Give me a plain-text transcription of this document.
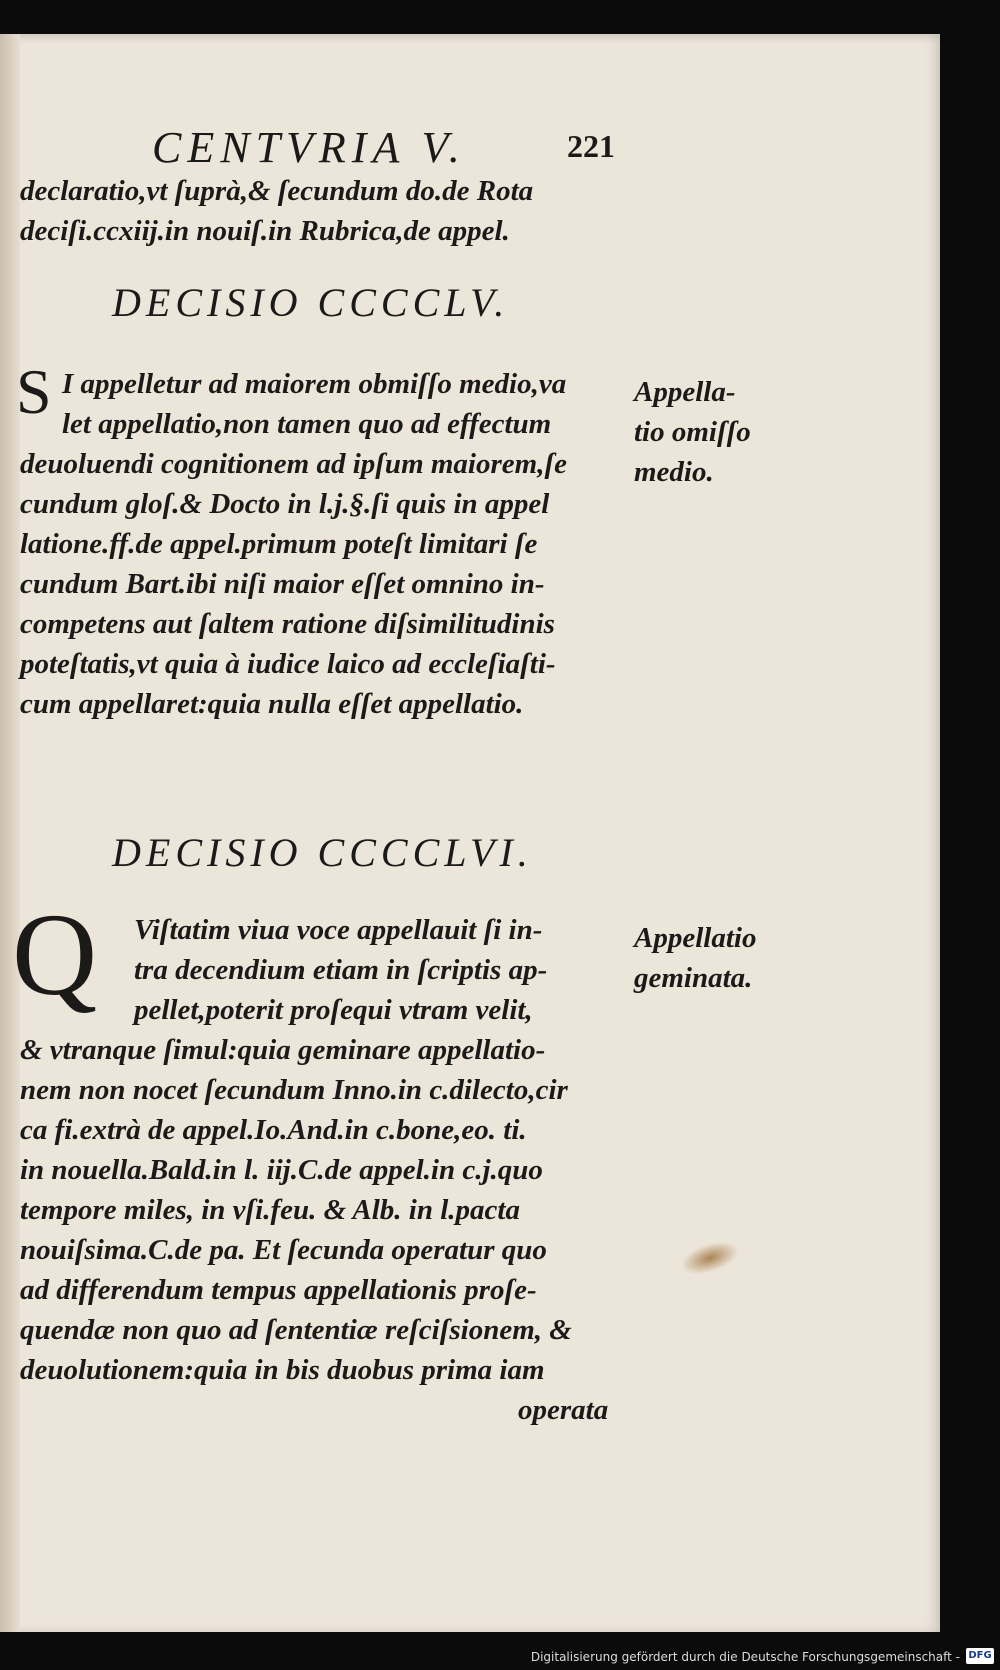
CENTVRIA V.	221
declaratio,vt ſuprà,& ſecundum do.de Rota
deciſi.ccxiij.in nouiſ.in Rubrica,de appel.
DECISIO CCCCLV.
S I appelletur ad maiorem obmiſſo medio,va
let appellatio,non tamen quo ad effectum
deuoluendi cognitionem ad ipſum maiorem,ſe
cundum gloſ.& Docto in l.j.§.ſi quis in appel
latione.ff.de appel.primum poteſt limitari ſe
cundum Bart.ibi niſi maior eſſet omnino in-
competens aut ſaltem ratione diſsimilitudinis
poteſtatis,vt quia à iudice laico ad eccleſiaſti-
cum appellaret:quia nulla eſſet appellatio.
Appella-
tio omiſſo
medio.
DECISIO CCCCLVI.
Q Viſtatim viua voce appellauit ſi in-
tra decendium etiam in ſcriptis ap-
pellet,poterit proſequi vtram velit,
& vtranque ſimul:quia geminare appellatio-
nem non nocet ſecundum Inno.in c.dilecto,cir
ca fi.extrà de appel.Io.And.in c.bone,eo. ti.
in nouella.Bald.in l. iij.C.de appel.in c.j.quo
tempore miles, in vſi.feu. & Alb. in l.pacta
nouiſsima.C.de pa. Et ſecunda operatur quo
ad differendum tempus appellationis proſe-
quendæ non quo ad ſententiæ reſciſsionem, &
deuolutionem:quia in bis duobus prima iam
operata
Appellatio
geminata.
Digitalisierung gefördert durch die Deutsche Forschungsgemeinschaft - DFG
